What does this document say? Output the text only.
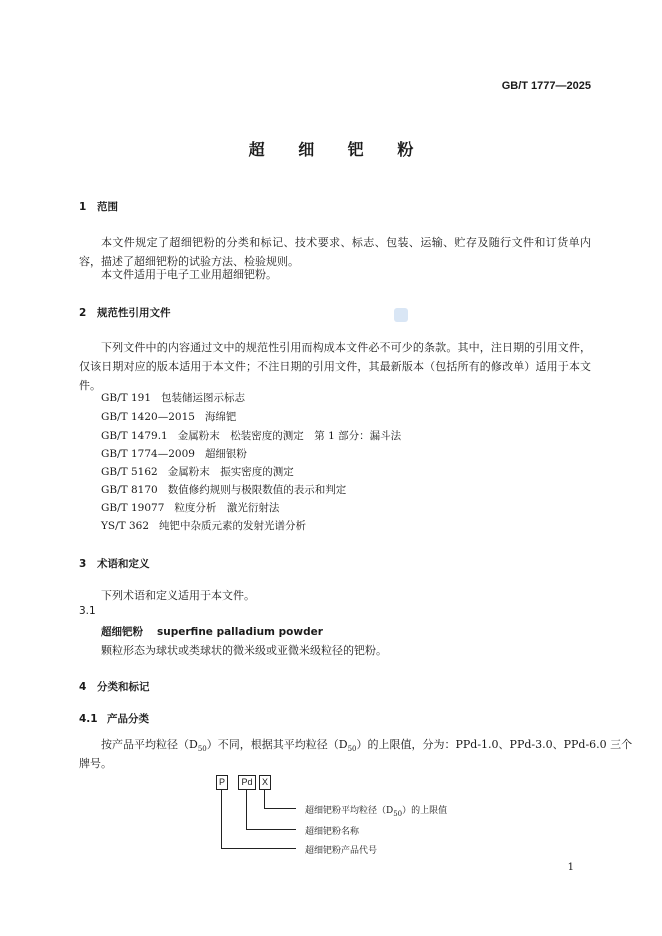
GB/T 1777—2025
超 细 钯 粉
1 范围
本文件规定了超细钯粉的分类和标记、技术要求、标志、包装、运输、贮存及随行文件和订货单内容，描述了超细钯粉的试验方法、检验规则。
本文件适用于电子工业用超细钯粉。
2 规范性引用文件
下列文件中的内容通过文中的规范性引用而构成本文件必不可少的条款。其中，注日期的引用文件，仅该日期对应的版本适用于本文件；不注日期的引用文件，其最新版本（包括所有的修改单）适用于本文件。
GB/T 191 包装储运图示标志
GB/T 1420—2015 海绵钯
GB/T 1479.1 金属粉末　松装密度的测定　第 1 部分：漏斗法
GB/T 1774—2009 超细银粉
GB/T 5162 金属粉末　振实密度的测定
GB/T 8170 数值修约规则与极限数值的表示和判定
GB/T 19077 粒度分析　激光衍射法
YS/T 362 纯钯中杂质元素的发射光谱分析
3 术语和定义
下列术语和定义适用于本文件。
3.1
超细钯粉 superfine palladium powder
颗粒形态为球状或类球状的微米级或亚微米级粒径的钯粉。
4 分类和标记
4.1 产品分类
按产品平均粒径$(D_{50})$不同，根据其平均粒径$(D_{50})$的上限值，分为：PPd-1.0、PPd-3.0、PPd-6.0 三个
牌号。
P	Pd	X
超细钯粉平均粒径$(D_{50})$的上限值
超细钯粉名称
超细钯粉产品代号
1
